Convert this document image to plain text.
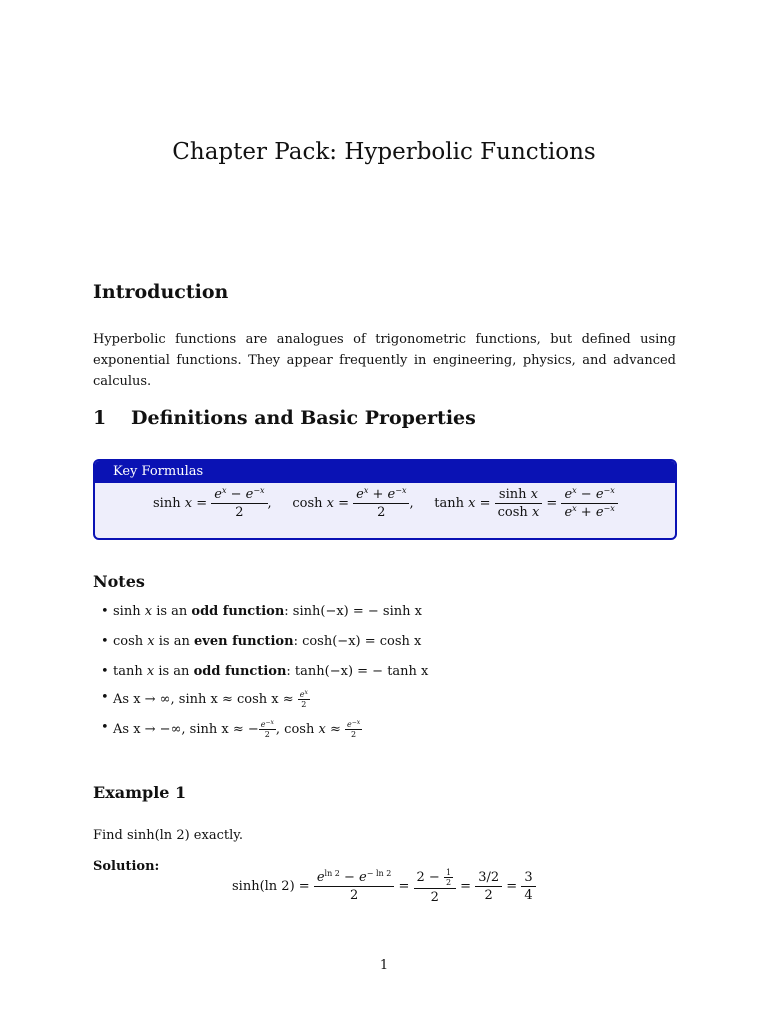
Chapter Pack: Hyperbolic Functions
Introduction

Hyperbolic functions are analogues of trigonometric functions, but defined using exponential functions. They appear frequently in engineering, physics, and advanced calculus.

1 Definitions and Basic Properties
Key Formulas
$\sinh x = \frac{e^x - e^{-x}}{2}$ ,     $\cosh x = \frac{e^x + e^{-x}}{2}$ ,     $\tanh x = \frac{\text{sinh x}}{\text{cosh x}} = \frac{e^x - e^{-x}}{e^x + e^{-x}}$
Notes
• sinh x is an odd function: sinh(−x) = − sinh x
• cosh x is an even function: cosh(−x) = cosh x
• tanh x is an odd function: tanh(−x) = − tanh x
• As x → ∞, $\sinh x \approx \cosh x \approx \frac{e^x}{2}$
• As x → −∞, sinh x ≈ − $\frac{e^{-x}}{2}$ , $\cosh x \approx \frac{e^{-x}}{2}$
Example 1

Find sinh(ln 2) exactly.

Solution:

sinh(ln $2) = \frac{e^{ln 2} - e^{- ln 2}}{2} = \frac{2 - \frac{1}{2}}{2} = \frac{3/2}{2} = \frac{3}{4}$
1
